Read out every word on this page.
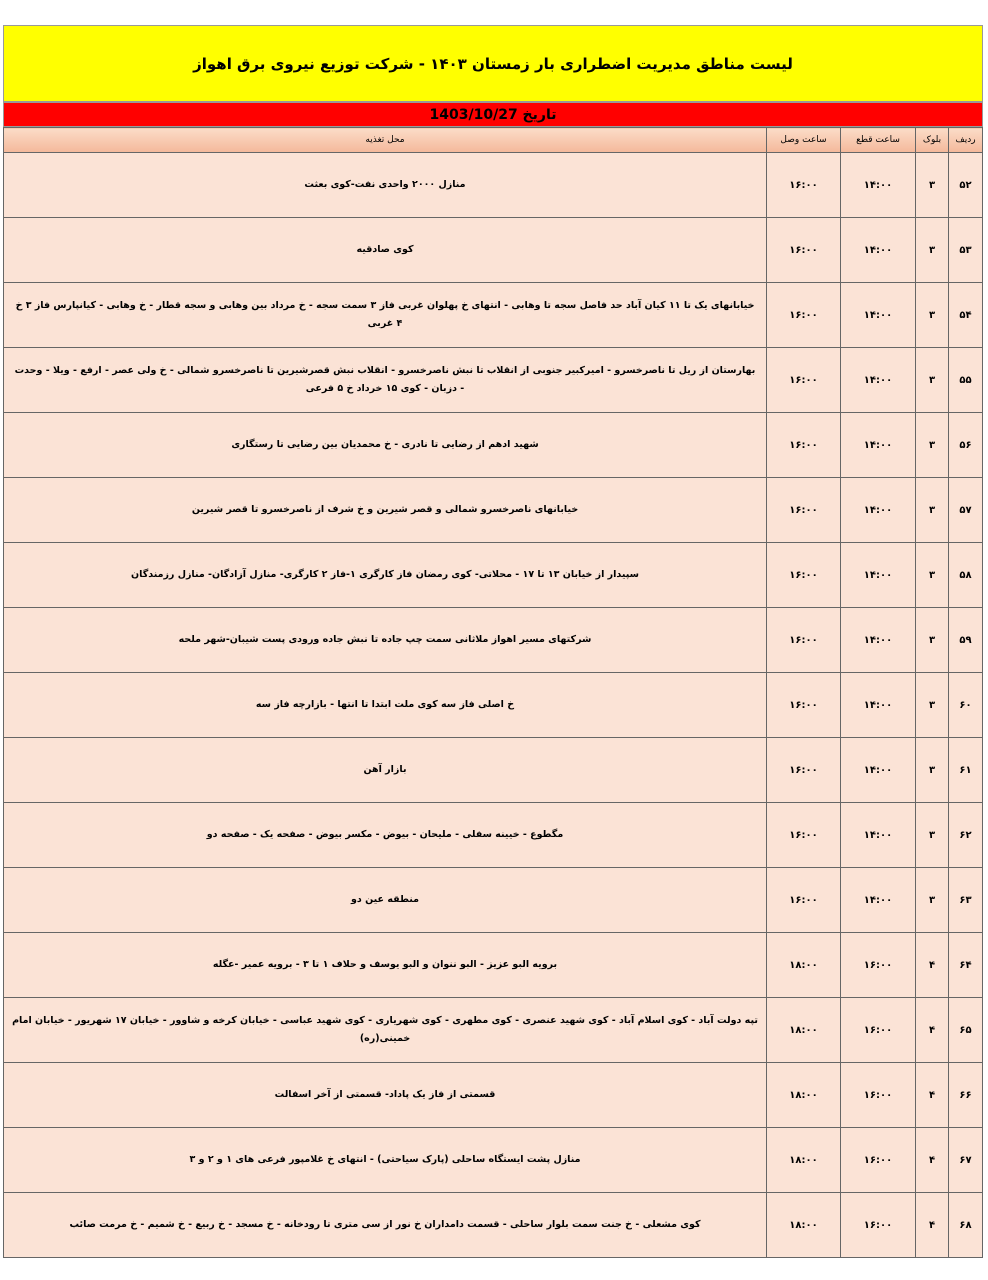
لیست مناطق مدیریت اضطراری بار زمستان ۱۴۰۳ - شرکت توزیع نیروی برق اهواز
تاریخ 1403/10/27
ردیف	بلوک	ساعت قطع	ساعت وصل	محل تغذیه
۵۲	۳	۱۴:۰۰	۱۶:۰۰	منازل ۲۰۰۰ واحدی نفت-کوی بعثت
۵۳	۳	۱۴:۰۰	۱۶:۰۰	کوی صادقیه
۵۴	۳	۱۴:۰۰	۱۶:۰۰	خیابانهای یک تا ۱۱ کیان آباد حد فاصل سجه تا وهابی - انتهای خ پهلوان غربی فاز ۳ سمت سجه - خ مرداد بین وهابی و سجه قطار - خ وهابی - کیانپارس فاز ۳ خ ۴ غربی
۵۵	۳	۱۴:۰۰	۱۶:۰۰	بهارستان از ریل تا ناصرخسرو - امیرکبیر جنوبی از انقلاب تا نبش ناصرخسرو - انقلاب نبش قصرشیرین تا ناصرخسرو شمالی - خ ولی عصر - ارفع - ویلا - وحدت - دزبان - کوی ۱۵ خرداد خ ۵ فرعی
۵۶	۳	۱۴:۰۰	۱۶:۰۰	شهید ادهم از رضایی تا نادری - خ محمدیان بین رضایی تا رستگاری
۵۷	۳	۱۴:۰۰	۱۶:۰۰	خیابانهای ناصرخسرو شمالی و قصر شیرین و خ شرف از ناصرخسرو تا قصر شیرین
۵۸	۳	۱۴:۰۰	۱۶:۰۰	سپیدار از خیابان ۱۳ تا ۱۷ - محلاتی- کوی رمضان فاز کارگری ۱-فاز ۲ کارگری- منازل آزادگان- منازل رزمندگان
۵۹	۳	۱۴:۰۰	۱۶:۰۰	شرکتهای مسیر اهواز ملاثانی سمت چپ جاده تا نبش جاده ورودی پست شیبان-شهر ملحه
۶۰	۳	۱۴:۰۰	۱۶:۰۰	خ اصلی فاز سه کوی ملت ابتدا تا انتها - بازارچه فاز سه
۶۱	۳	۱۴:۰۰	۱۶:۰۰	بازار آهن
۶۲	۳	۱۴:۰۰	۱۶:۰۰	مگطوع - خیینه سفلی - ملیحان - بیوض - مکسر بیوض - صفحه یک - صفحه دو
۶۳	۳	۱۴:۰۰	۱۶:۰۰	منطقه عین دو
۶۴	۴	۱۶:۰۰	۱۸:۰۰	برویه البو عزیز - البو ننوان و البو یوسف و حلاف ۱ تا ۳ - برویه عمیر -عگله
۶۵	۴	۱۶:۰۰	۱۸:۰۰	تپه دولت آباد - کوی اسلام آباد - کوی شهید عنصری - کوی مطهری - کوی شهریاری - کوی شهید عباسی - خیابان کرخه و شاوور - خیابان ۱۷ شهریور - خیابان امام خمینی(ره)
۶۶	۴	۱۶:۰۰	۱۸:۰۰	قسمتی از فاز یک پاداد- قسمتی از آخر اسفالت
۶۷	۴	۱۶:۰۰	۱۸:۰۰	منازل پشت ایستگاه ساحلی (پارک سیاحتی) - انتهای خ غلامپور فرعی های ۱ و ۲ و ۳
۶۸	۴	۱۶:۰۰	۱۸:۰۰	کوی مشعلی - خ جنت سمت بلوار ساحلی - قسمت دامداران خ نور از سی متری تا رودخانه - خ مسجد - خ ربیع - خ شمیم - خ مرمت صائب
